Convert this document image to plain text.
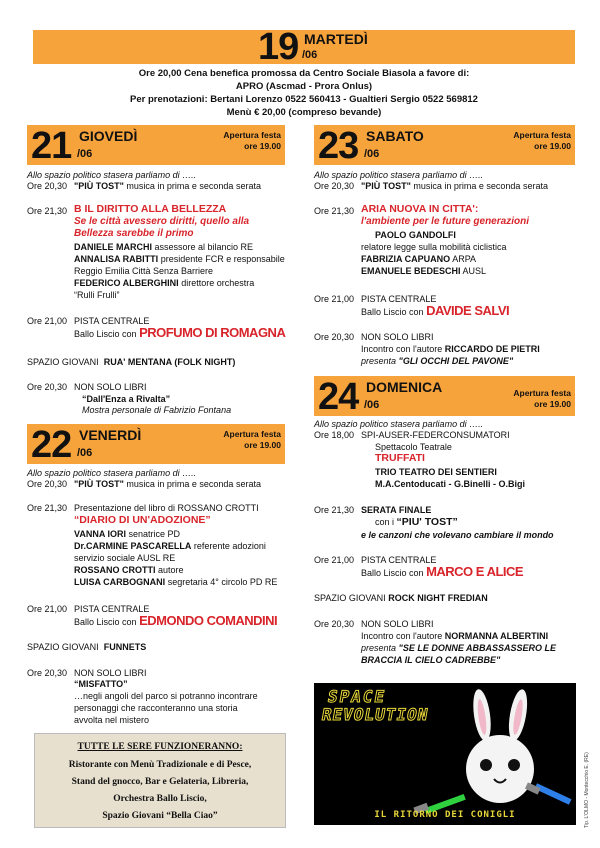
19 MARTEDÌ
/06
Ore 20,00 Cena benefica promossa da Centro Sociale Biasola a favore di:
APRO (Ascmad - Prora Onlus)
Per prenotazioni: Bertani Lorenzo 0522 560413 - Gualtieri Sergio 0522 569812
Menù € 20,00 (compreso bevande)
21 GIOVEDÌ
/06
Apertura festa
ore 19.00
Allo spazio politico stasera parliamo di …..
Ore 20,30 "PIÙ TOST" musica in prima e seconda serata
Ore 21,30 B IL DIRITTO ALLA BELLEZZA
Se le città avessero diritti, quello alla
Bellezza sarebbe il primo
DANIELE MARCHI assessore al bilancio RE
ANNALISA RABITTI presidente FCR e responsabile
Reggio Emilia Città Senza Barriere
FEDERICO ALBERGHINI direttore orchestra
“Rulli Frulli”
Ore 21,00 PISTA CENTRALE
Ballo Liscio con PROFUMO DI ROMAGNA
SPAZIO GIOVANI RUA' MENTANA (FOLK NIGHT)
Ore 20,30 NON SOLO LIBRI
“Dall'Enza a Rivalta”
Mostra personale di Fabrizio Fontana
22 VENERDÌ
/06
Apertura festa
ore 19.00
Allo spazio politico stasera parliamo di …..
Ore 20,30 "PIÙ TOST" musica in prima e seconda serata
Ore 21,30 Presentazione del libro di ROSSANO CROTTI
“DIARIO DI UN'ADOZIONE”
VANNA IORI senatrice PD
Dr.CARMINE PASCARELLA referente adozioni
servizio sociale AUSL RE
ROSSANO CROTTI autore
LUISA CARBOGNANI segretaria 4° circolo PD RE
Ore 21,00 PISTA CENTRALE
Ballo Liscio con EDMONDO COMANDINI
SPAZIO GIOVANI FUNNETS
Ore 20,30 NON SOLO LIBRI
“MISFATTO”
…negli angoli del parco si potranno incontrare
personaggi che racconteranno una storia
avvolta nel mistero
TUTTE LE SERE FUNZIONERANNO:
Ristorante con Menù Tradizionale e di Pesce,
Stand del gnocco, Bar e Gelateria, Libreria,
Orchestra Ballo Liscio,
Spazio Giovani “Bella Ciao”
23 SABATO
/06
Apertura festa
ore 19.00
Allo spazio politico stasera parliamo di …..
Ore 20,30 "PIÙ TOST" musica in prima e seconda serata
Ore 21,30 ARIA NUOVA IN CITTA':
l'ambiente per le future generazioni
PAOLO GANDOLFI
relatore legge sulla mobilità ciclistica
FABRIZIA CAPUANO ARPA
EMANUELE BEDESCHI AUSL
Ore 21,00 PISTA CENTRALE
Ballo Liscio con DAVIDE SALVI
Ore 20,30 NON SOLO LIBRI
Incontro con l'autore RICCARDO DE PIETRI
presenta "GLI OCCHI DEL PAVONE"
24 DOMENICA
/06
Apertura festa
ore 19.00
Allo spazio politico stasera parliamo di …..
Ore 18,00 SPI-AUSER-FEDERCONSUMATORI
Spettacolo Teatrale
TRUFFATI
TRIO TEATRO DEI SENTIERI
M.A.Centoducati - G.Binelli - O.Bigi
Ore 21,30 SERATA FINALE
con i “PIU' TOST”
e le canzoni che volevano cambiare il mondo
Ore 21,00 PISTA CENTRALE
Ballo Liscio con MARCO E ALICE
SPAZIO GIOVANI ROCK NIGHT FREDIAN
Ore 20,30 NON SOLO LIBRI
Incontro con l'autore NORMANNA ALBERTINI
presenta "SE LE DONNE ABBASSASSERO LE
BRACCIA IL CIELO CADREBBE"
SPACE
REVOLUTION
IL RITORNO DEI CONIGLI	Tip. L'OLMO - Montecchio E. (RE)
